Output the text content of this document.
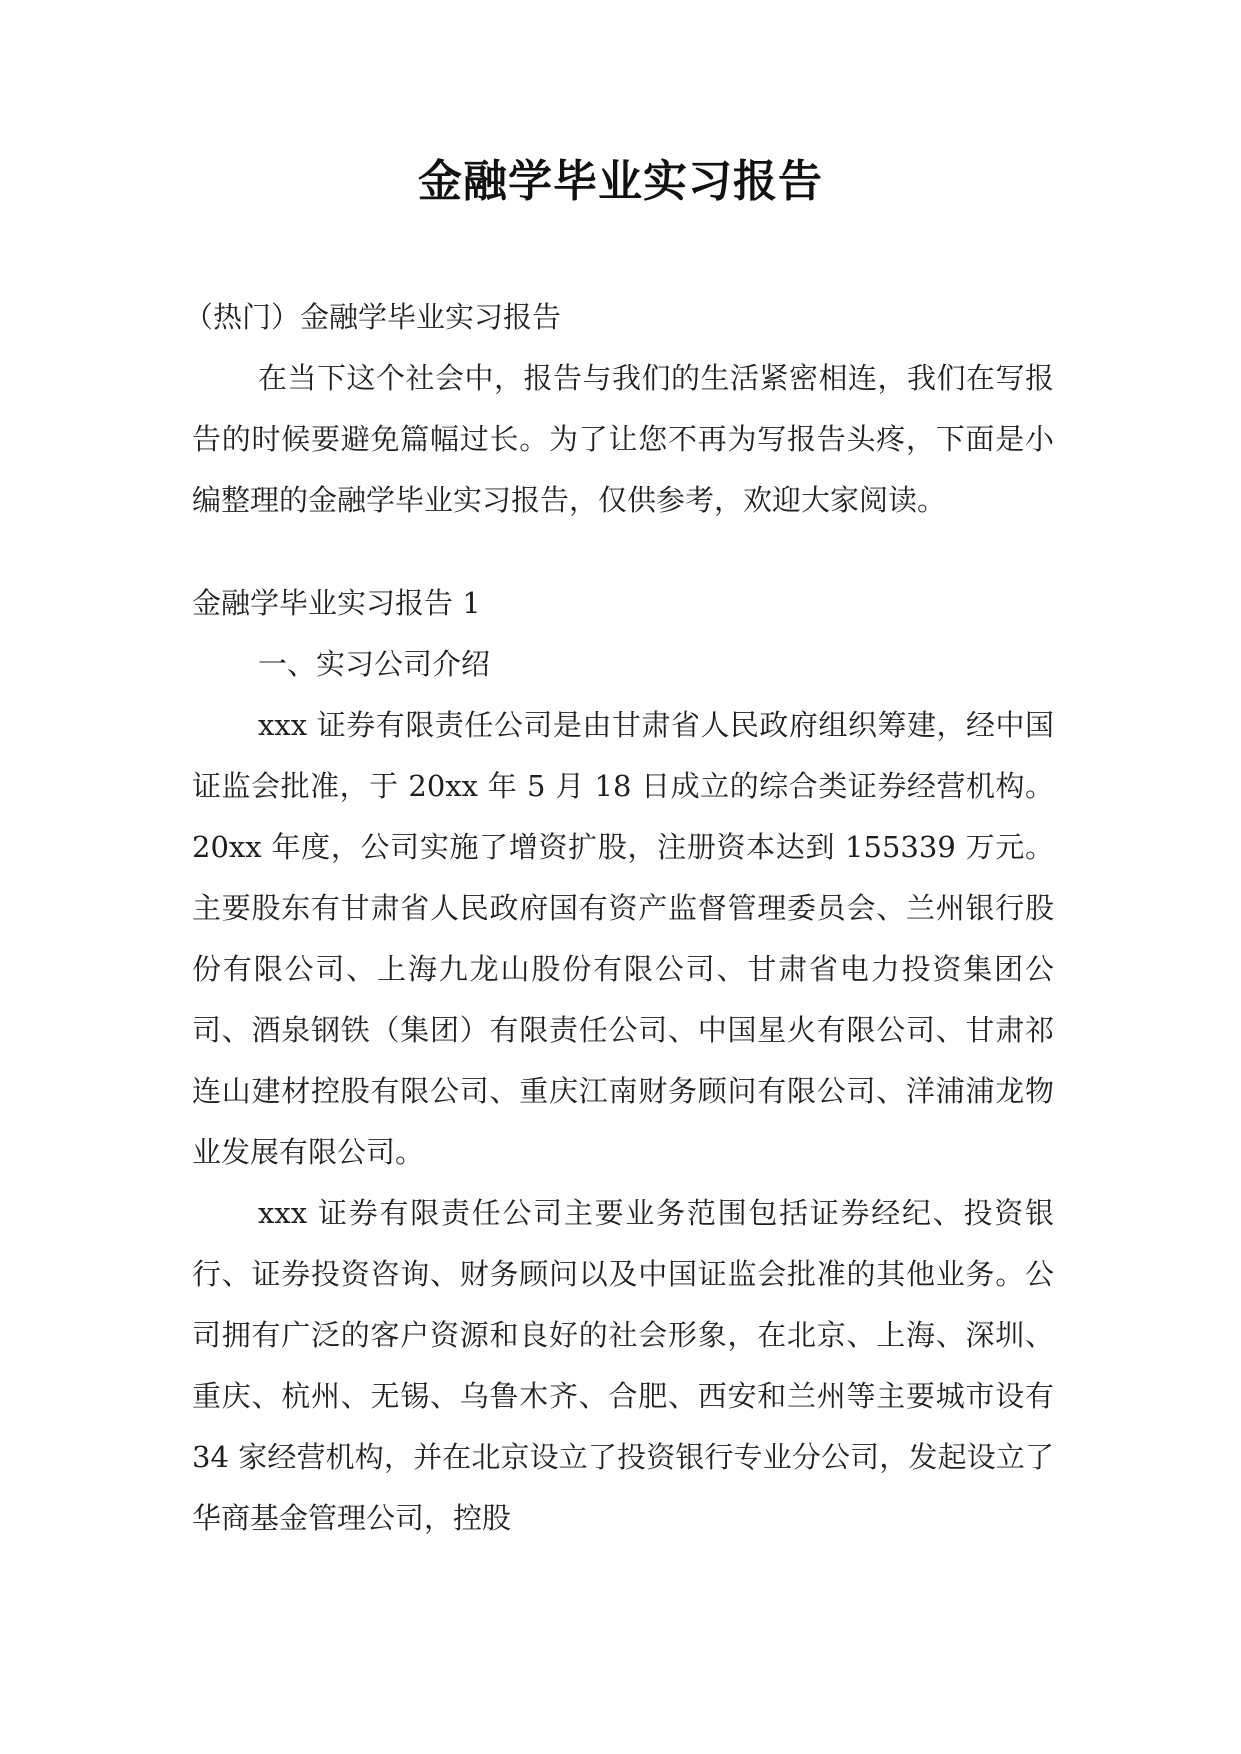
金融学毕业实习报告

（热门）金融学毕业实习报告

在当下这个社会中，报告与我们的生活紧密相连，我们在写报告的时候要避免篇幅过长。为了让您不再为写报告头疼，下面是小编整理的金融学毕业实习报告，仅供参考，欢迎大家阅读。

金融学毕业实习报告 1

一、实习公司介绍

xxx 证券有限责任公司是由甘肃省人民政府组织筹建，经中国证监会批准，于 20xx 年 5 月 18 日成立的综合类证券经营机构。20xx 年度，公司实施了增资扩股，注册资本达到 155339 万元。主要股东有甘肃省人民政府国有资产监督管理委员会、兰州银行股份有限公司、上海九龙山股份有限公司、甘肃省电力投资集团公司、酒泉钢铁（集团）有限责任公司、中国星火有限公司、甘肃祁连山建材控股有限公司、重庆江南财务顾问有限公司、洋浦浦龙物业发展有限公司。

xxx 证券有限责任公司主要业务范围包括证券经纪、投资银行、证券投资咨询、财务顾问以及中国证监会批准的其他业务。公司拥有广泛的客户资源和良好的社会形象，在北京、上海、深圳、重庆、杭州、无锡、乌鲁木齐、合肥、西安和兰州等主要城市设有 34 家经营机构，并在北京设立了投资银行专业分公司，发起设立了华商基金管理公司，控股
